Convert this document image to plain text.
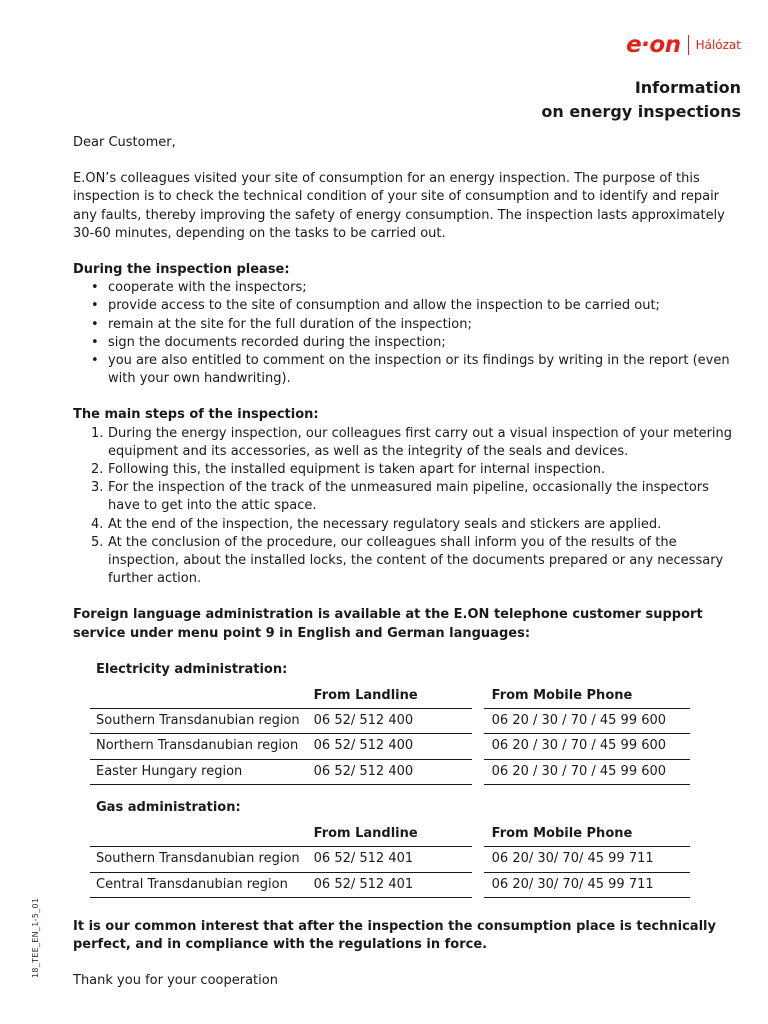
e·on Hálózat
Information
on energy inspections

Dear Customer,

E.ON’s colleagues visited your site of consumption for an energy inspection. The purpose of this inspection is to check the technical condition of your site of consumption and to identify and repair any faults, thereby improving the safety of energy consumption. The inspection lasts approximately 30-60 minutes, depending on the tasks to be carried out.

During the inspection please:

• cooperate with the inspectors;
• provide access to the site of consumption and allow the inspection to be carried out;
• remain at the site for the full duration of the inspection;
• sign the documents recorded during the inspection;
• you are also entitled to comment on the inspection or its findings by writing in the report (even with your own handwriting).

The main steps of the inspection:

1. During the energy inspection, our colleagues first carry out a visual inspection of your metering equipment and its accessories, as well as the integrity of the seals and devices.
2. Following this, the installed equipment is taken apart for internal inspection.
3. For the inspection of the track of the unmeasured main pipeline, occasionally the inspectors have to get into the attic space.
4. At the end of the inspection, the necessary regulatory seals and stickers are applied.
5. At the conclusion of the procedure, our colleagues shall inform you of the results of the inspection, about the installed locks, the content of the documents prepared or any necessary further action.

Foreign language administration is available at the E.ON telephone customer support service under menu point 9 in English and German languages:

Electricity administration:
	From Landline		From Mobile Phone
Southern Transdanubian region	06 52/ 512 400		06 20 / 30 / 70 / 45 99 600
Northern Transdanubian region	06 52/ 512 400		06 20 / 30 / 70 / 45 99 600
Easter Hungary region	06 52/ 512 400		06 20 / 30 / 70 / 45 99 600
Gas administration:
	From Landline		From Mobile Phone
Southern Transdanubian region	06 52/ 512 401		06 20/ 30/ 70/ 45 99 711
Central Transdanubian region	06 52/ 512 401		06 20/ 30/ 70/ 45 99 711

It is our common interest that after the inspection the consumption place is technically perfect, and in compliance with the regulations in force.

Thank you for your cooperation

18_TEE_EN_1-5_01
